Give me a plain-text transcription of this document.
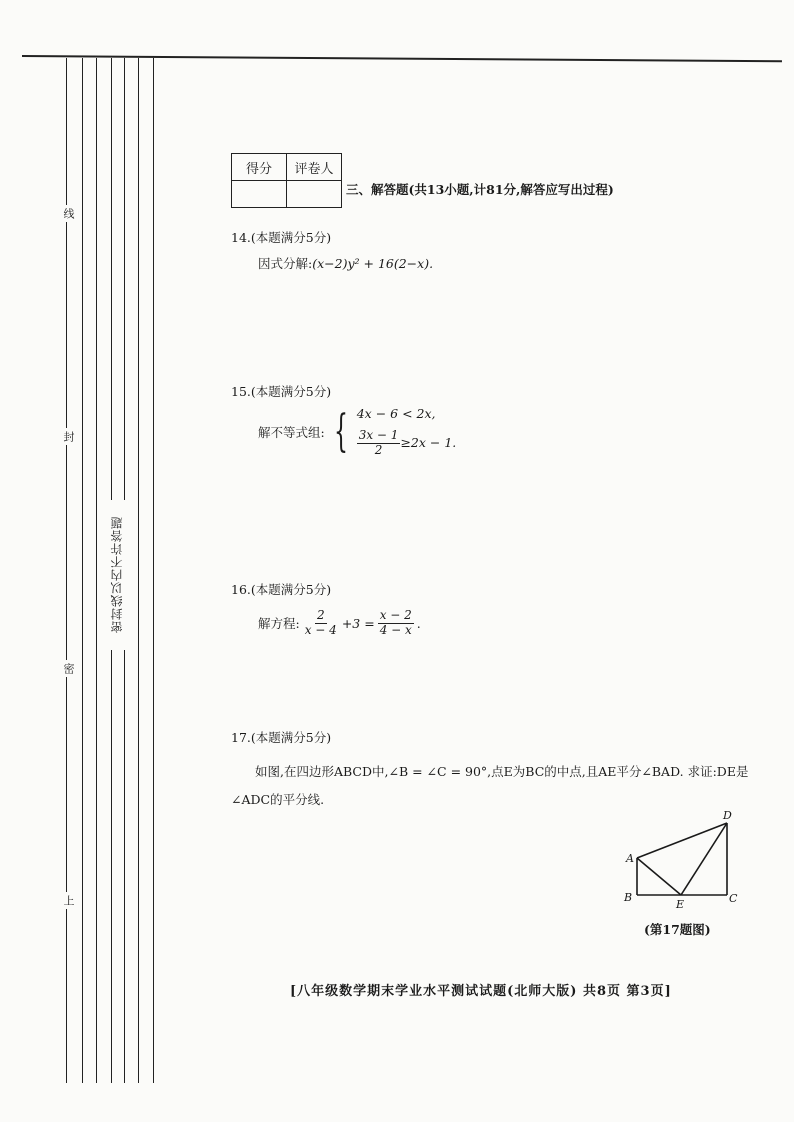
线
封
密
上
密封线以内不许答题
得分	评卷人

三、解答题(共13小题,计81分,解答应写出过程)
14.(本题满分5分)
因式分解:(x−2)y² + 16(2−x).
15.(本题满分5分)
解不等式组: { 4x − 6 < 2x,
$\frac{3x - 1}{2} \ge 2x - 1$.
16.(本题满分5分)
解方程: $\frac{2}{x - 4} +3 = \frac{x - 2}{4 - x}$ .
17.(本题满分5分)
如图,在四边形ABCD中,∠B = ∠C = 90°,点E为BC的中点,且AE平分∠BAD. 求证:DE是∠ADC的平分线.
D
A
B
E	C
(第17题图)
[八年级数学期末学业水平测试试题(北师大版) 共8页 第3页]
